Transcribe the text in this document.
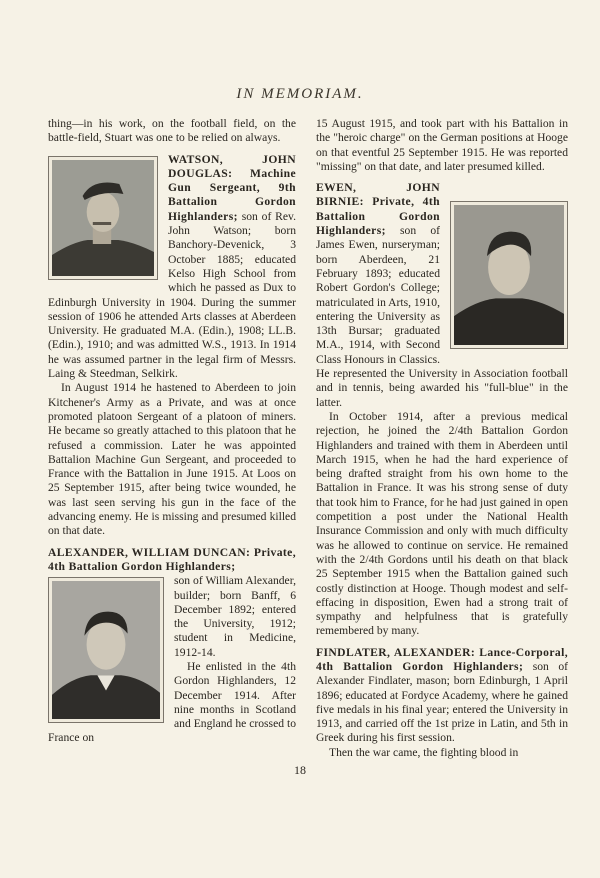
IN MEMORIAM.

thing—in his work, on the football field, on the battle-field, Stuart was one to be relied on always.

WATSON, JOHN DOUGLAS: Machine Gun Sergeant, 9th Battalion Gordon Highlanders; son of Rev. John Watson; born Banchory-Devenick, 3 October 1885; educated Kelso High School from which he passed as Dux to Edinburgh University in 1904. During the summer session of 1906 he attended Arts classes at Aberdeen University. He graduated M.A. (Edin.), 1908; LL.B. (Edin.), 1910; and was admitted W.S., 1913. In 1914 he was assumed partner in the legal firm of Messrs. Laing & Steedman, Selkirk.

In August 1914 he hastened to Aberdeen to join Kitchener's Army as a Private, and was at once promoted platoon Sergeant of a platoon of miners. He became so greatly attached to this platoon that he refused a commission. Later he was appointed Battalion Machine Gun Sergeant, and proceeded to France with the Battalion in June 1915. At Loos on 25 September 1915, after being twice wounded, he was last seen serving his gun in the face of the advancing enemy. He is missing and presumed killed on that date.

ALEXANDER, WILLIAM DUNCAN: Private, 4th Battalion Gordon Highlanders;

son of William Alexander, builder; born Banff, 6 December 1892; entered the University, 1912; student in Medicine, 1912-14.

He enlisted in the 4th Gordon Highlanders, 12 December 1914. After nine months in Scotland and England he crossed to France on

15 August 1915, and took part with his Battalion in the "heroic charge" on the German positions at Hooge on that eventful 25 September 1915. He was reported "missing" on that date, and later presumed killed.

EWEN, JOHN BIRNIE: Private, 4th Battalion Gordon Highlanders; son of James Ewen, nurseryman; born Aberdeen, 21 February 1893; educated Robert Gordon's College; matriculated in Arts, 1910, entering the University as 13th Bursar; graduated M.A., 1914, with Second Class Honours in Classics. He represented the University in Association football and in tennis, being awarded his "full-blue" in the latter.

In October 1914, after a previous medical rejection, he joined the 2/4th Battalion Gordon Highlanders and trained with them in Aberdeen until March 1915, when he had the hard experience of being drafted straight from his own home to the Battalion in France. It was his strong sense of duty that took him to France, for he had just gained in open competition a post under the National Health Insurance Commission and only with much difficulty was he allowed to continue on service. He remained with the 2/4th Gordons until his death on that black 25 September 1915 when the Battalion gained such costly distinction at Hooge. Though modest and self-effacing in disposition, Ewen had a strong trait of sympathy and helpfulness that is gratefully remembered by many.

FINDLATER, ALEXANDER: Lance-Corporal, 4th Battalion Gordon Highlanders; son of Alexander Findlater, mason; born Edinburgh, 1 April 1896; educated at Fordyce Academy, where he gained five medals in his final year; entered the University in 1913, and carried off the 1st prize in Latin, and 5th in Greek during his first session.

Then the war came, the fighting blood in

18
